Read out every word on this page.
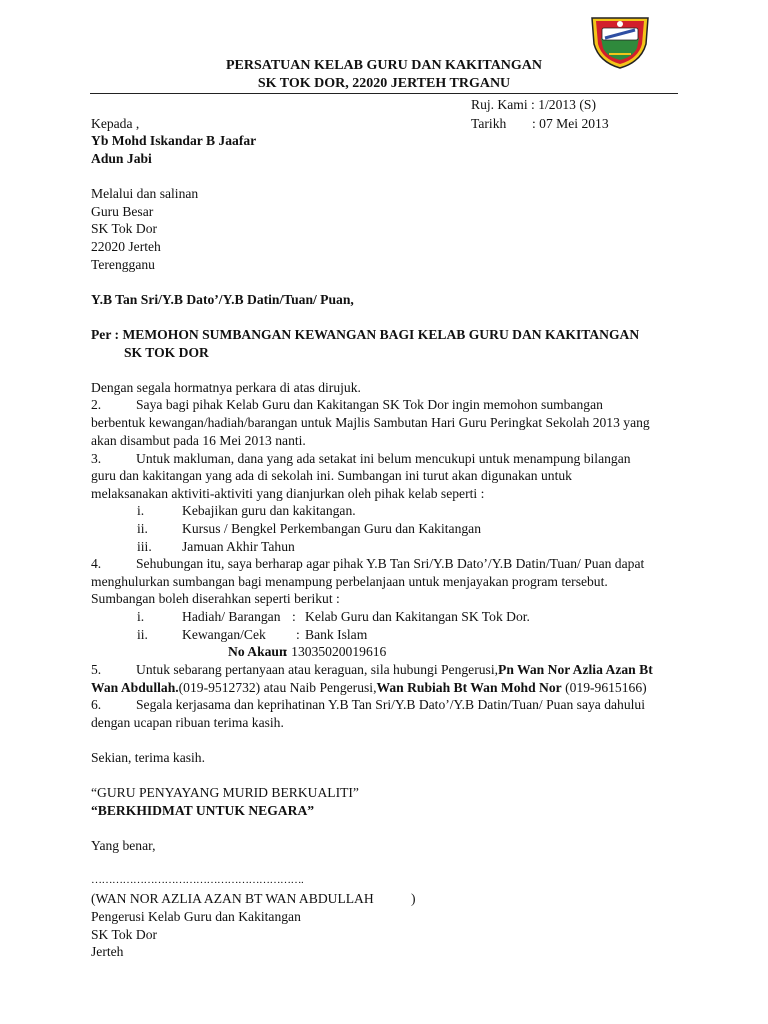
PERSATUAN KELAB GURU DAN KAKITANGAN
SK TOK DOR, 22020 JERTEH TRGANU
Ruj. Kami : 1/2013 (S)
Tarikh : 07 Mei 2013
Kepada ,
Yb Mohd Iskandar B Jaafar
Adun Jabi
Melalui dan salinan
Guru Besar
SK Tok Dor
22020 Jerteh
Terengganu
Y.B Tan Sri/Y.B Dato’/Y.B Datin/Tuan/ Puan,
Per : MEMOHON SUMBANGAN KEWANGAN BAGI KELAB GURU DAN KAKITANGAN
SK TOK DOR
Dengan segala hormatnya perkara di atas dirujuk.
2.	Saya bagi pihak Kelab Guru dan Kakitangan SK Tok Dor ingin memohon sumbangan
berbentuk kewangan/hadiah/barangan untuk Majlis Sambutan Hari Guru Peringkat Sekolah 2013 yang
akan disambut pada 16 Mei 2013 nanti.
3.	Untuk makluman, dana yang ada setakat ini belum mencukupi untuk menampung bilangan
guru dan kakitangan yang ada di sekolah ini. Sumbangan ini turut akan digunakan untuk
melaksanakan aktiviti-aktiviti yang dianjurkan oleh pihak kelab seperti :
i.	Kebajikan guru dan kakitangan.
ii.	Kursus / Bengkel Perkembangan Guru dan Kakitangan
iii. Jamuan Akhir Tahun
4.	Sehubungan itu, saya berharap agar pihak Y.B Tan Sri/Y.B Dato’/Y.B Datin/Tuan/ Puan dapat
menghulurkan sumbangan bagi menampung perbelanjaan untuk menjayakan program tersebut.
Sumbangan boleh diserahkan seperti berikut :
i.	Hadiah/ Barangan : Kelab Guru dan Kakitangan SK Tok Dor.
ii.	Kewangan/Cek : Bank Islam
No Akaun
: 13035020019616
5.	Untuk sebarang pertanyaan atau keraguan, sila hubungi Pengerusi,Pn Wan Nor Azlia Azan Bt
Wan Abdullah.(019-9512732) atau Naib Pengerusi,Wan Rubiah Bt Wan Mohd Nor (019-9615166)
6.	Segala kerjasama dan keprihatinan Y.B Tan Sri/Y.B Dato’/Y.B Datin/Tuan/ Puan saya dahului
dengan ucapan ribuan terima kasih.
Sekian, terima kasih.
“GURU PENYAYANG MURID BERKUALITI”
“BERKHIDMAT UNTUK NEGARA”
Yang benar,
…………………………………………………….
(WAN NOR AZLIA AZAN BT WAN ABDULLAH	)
Pengerusi Kelab Guru dan Kakitangan
SK Tok Dor
Jerteh
